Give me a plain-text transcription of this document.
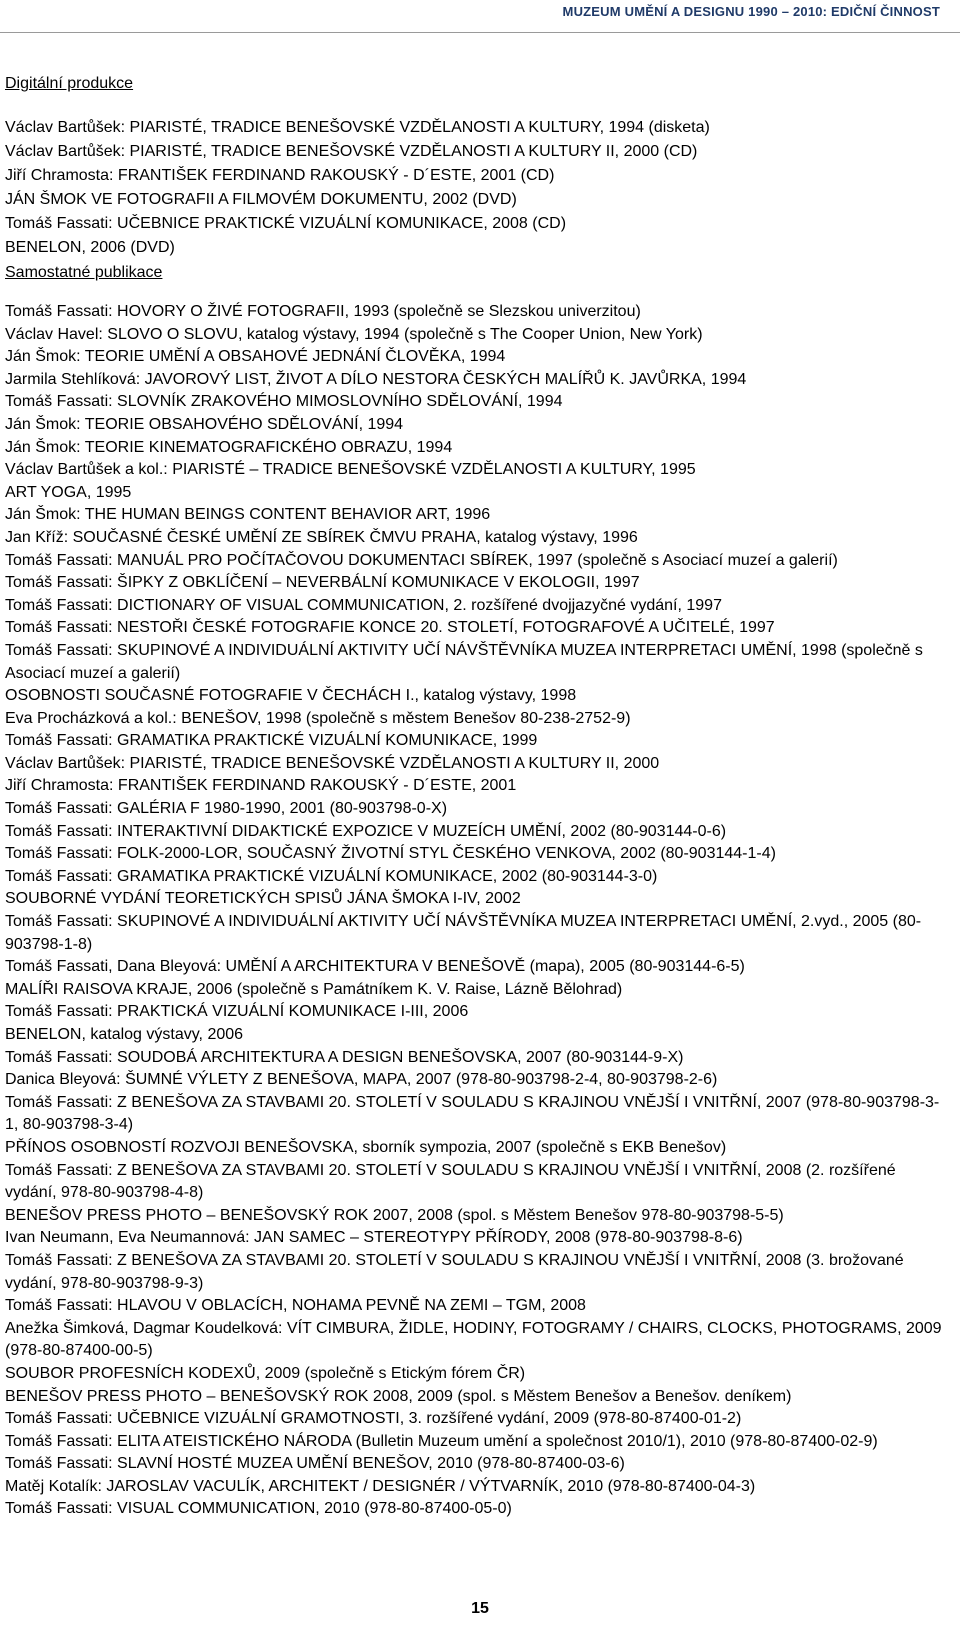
MUZEUM UMĚNÍ A DESIGNU 1990 – 2010: EDIČNÍ ČINNOST
Digitální produkce
Václav Bartůšek: PIARISTÉ, TRADICE BENEŠOVSKÉ VZDĚLANOSTI A KULTURY, 1994 (disketa)
Václav Bartůšek: PIARISTÉ, TRADICE BENEŠOVSKÉ VZDĚLANOSTI A KULTURY II, 2000 (CD)
Jiří Chramosta: FRANTIŠEK FERDINAND RAKOUSKÝ - D´ESTE, 2001 (CD)
JÁN ŠMOK VE FOTOGRAFII A FILMOVÉM DOKUMENTU, 2002 (DVD)
Tomáš Fassati: UČEBNICE PRAKTICKÉ VIZUÁLNÍ KOMUNIKACE, 2008 (CD)
BENELON, 2006 (DVD)
Samostatné publikace
Tomáš Fassati: HOVORY O ŽIVÉ FOTOGRAFII, 1993 (společně se Slezskou univerzitou)
Václav Havel: SLOVO O SLOVU, katalog výstavy, 1994 (společně s The Cooper Union, New York)
Ján Šmok: TEORIE UMĚNÍ A OBSAHOVÉ JEDNÁNÍ ČLOVĚKA, 1994
Jarmila Stehlíková: JAVOROVÝ LIST, ŽIVOT A DÍLO NESTORA ČESKÝCH MALÍŘŮ K. JAVŮRKA, 1994
Tomáš Fassati: SLOVNÍK ZRAKOVÉHO MIMOSLOVNÍHO SDĚLOVÁNÍ, 1994
Ján Šmok: TEORIE OBSAHOVÉHO SDĚLOVÁNÍ, 1994
Ján Šmok: TEORIE KINEMATOGRAFICKÉHO OBRAZU, 1994
Václav Bartůšek a kol.: PIARISTÉ – TRADICE BENEŠOVSKÉ VZDĚLANOSTI A KULTURY, 1995
ART YOGA, 1995
Ján Šmok: THE HUMAN BEINGS CONTENT BEHAVIOR ART, 1996
Jan Kříž: SOUČASNÉ ČESKÉ UMĚNÍ ZE SBÍREK ČMVU PRAHA, katalog výstavy, 1996
Tomáš Fassati: MANUÁL PRO POČÍTAČOVOU DOKUMENTACI SBÍREK, 1997 (společně s Asociací muzeí a galerií)
Tomáš Fassati: ŠIPKY Z OBKLÍČENÍ – NEVERBÁLNÍ KOMUNIKACE V EKOLOGII, 1997
Tomáš Fassati: DICTIONARY OF VISUAL COMMUNICATION, 2. rozšířené dvojjazyčné vydání, 1997
Tomáš Fassati: NESTOŘI ČESKÉ FOTOGRAFIE KONCE 20. STOLETÍ, FOTOGRAFOVÉ A UČITELÉ, 1997
Tomáš Fassati: SKUPINOVÉ A INDIVIDUÁLNÍ AKTIVITY UČÍ NÁVŠTĚVNÍKA MUZEA INTERPRETACI UMĚNÍ, 1998 (společně s Asociací muzeí a galerií)
OSOBNOSTI SOUČASNÉ FOTOGRAFIE V ČECHÁCH I., katalog výstavy, 1998
Eva Procházková a kol.: BENEŠOV, 1998 (společně s městem Benešov 80-238-2752-9)
Tomáš Fassati: GRAMATIKA PRAKTICKÉ VIZUÁLNÍ KOMUNIKACE, 1999
Václav Bartůšek: PIARISTÉ, TRADICE BENEŠOVSKÉ VZDĚLANOSTI A KULTURY II, 2000
Jiří Chramosta: FRANTIŠEK FERDINAND RAKOUSKÝ - D´ESTE, 2001
Tomáš Fassati: GALÉRIA F 1980-1990, 2001 (80-903798-0-X)
Tomáš Fassati: INTERAKTIVNÍ DIDAKTICKÉ EXPOZICE V MUZEÍCH UMĚNÍ, 2002 (80-903144-0-6)
Tomáš Fassati: FOLK-2000-LOR, SOUČASNÝ ŽIVOTNÍ STYL ČESKÉHO VENKOVA, 2002 (80-903144-1-4)
Tomáš Fassati: GRAMATIKA PRAKTICKÉ VIZUÁLNÍ KOMUNIKACE, 2002 (80-903144-3-0)
SOUBORNÉ VYDÁNÍ TEORETICKÝCH SPISŮ JÁNA ŠMOKA I-IV, 2002
Tomáš Fassati: SKUPINOVÉ A INDIVIDUÁLNÍ AKTIVITY UČÍ NÁVŠTĚVNÍKA MUZEA INTERPRETACI UMĚNÍ, 2.vyd., 2005 (80-903798-1-8)
Tomáš Fassati, Dana Bleyová: UMĚNÍ A ARCHITEKTURA V BENEŠOVĚ (mapa), 2005 (80-903144-6-5)
MALÍŘI RAISOVA KRAJE, 2006 (společně s Památníkem K. V. Raise, Lázně Bělohrad)
Tomáš Fassati: PRAKTICKÁ VIZUÁLNÍ KOMUNIKACE I-III, 2006
BENELON, katalog výstavy, 2006
Tomáš Fassati: SOUDOBÁ ARCHITEKTURA A DESIGN BENEŠOVSKA, 2007 (80-903144-9-X)
Danica Bleyová: ŠUMNÉ VÝLETY Z BENEŠOVA, MAPA, 2007 (978-80-903798-2-4, 80-903798-2-6)
Tomáš Fassati: Z BENEŠOVA ZA STAVBAMI 20. STOLETÍ V SOULADU S KRAJINOU VNĚJŠÍ I VNITŘNÍ, 2007 (978-80-903798-3-1, 80-903798-3-4)
PŘÍNOS OSOBNOSTÍ ROZVOJI BENEŠOVSKA, sborník sympozia, 2007 (společně s EKB Benešov)
Tomáš Fassati: Z BENEŠOVA ZA STAVBAMI 20. STOLETÍ V SOULADU S KRAJINOU VNĚJŠÍ I VNITŘNÍ, 2008 (2. rozšířené vydání, 978-80-903798-4-8)
BENEŠOV PRESS PHOTO – BENEŠOVSKÝ ROK 2007, 2008 (spol. s Městem Benešov 978-80-903798-5-5)
Ivan Neumann, Eva Neumannová: JAN SAMEC – STEREOTYPY PŘÍRODY, 2008 (978-80-903798-8-6)
Tomáš Fassati: Z BENEŠOVA ZA STAVBAMI 20. STOLETÍ V SOULADU S KRAJINOU VNĚJŠÍ I VNITŘNÍ, 2008 (3. brožované vydání, 978-80-903798-9-3)
Tomáš Fassati: HLAVOU V OBLACÍCH, NOHAMA PEVNĚ NA ZEMI – TGM, 2008
Anežka Šimková, Dagmar Koudelková: VÍT CIMBURA, ŽIDLE, HODINY, FOTOGRAMY / CHAIRS, CLOCKS, PHOTOGRAMS, 2009 (978-80-87400-00-5)
SOUBOR PROFESNÍCH KODEXŮ, 2009 (společně s Etickým fórem ČR)
BENEŠOV PRESS PHOTO – BENEŠOVSKÝ ROK 2008, 2009 (spol. s Městem Benešov a Benešov. deníkem)
Tomáš Fassati: UČEBNICE VIZUÁLNÍ GRAMOTNOSTI, 3. rozšířené vydání, 2009 (978-80-87400-01-2)
Tomáš Fassati: ELITA ATEISTICKÉHO NÁRODA (Bulletin Muzeum umění a společnost 2010/1), 2010 (978-80-87400-02-9)
Tomáš Fassati: SLAVNÍ HOSTÉ MUZEA UMĚNÍ BENEŠOV, 2010 (978-80-87400-03-6)
Matěj Kotalík: JAROSLAV VACULÍK, ARCHITEKT / DESIGNÉR / VÝTVARNÍK, 2010 (978-80-87400-04-3)
Tomáš Fassati: VISUAL COMMUNICATION, 2010 (978-80-87400-05-0)
15
